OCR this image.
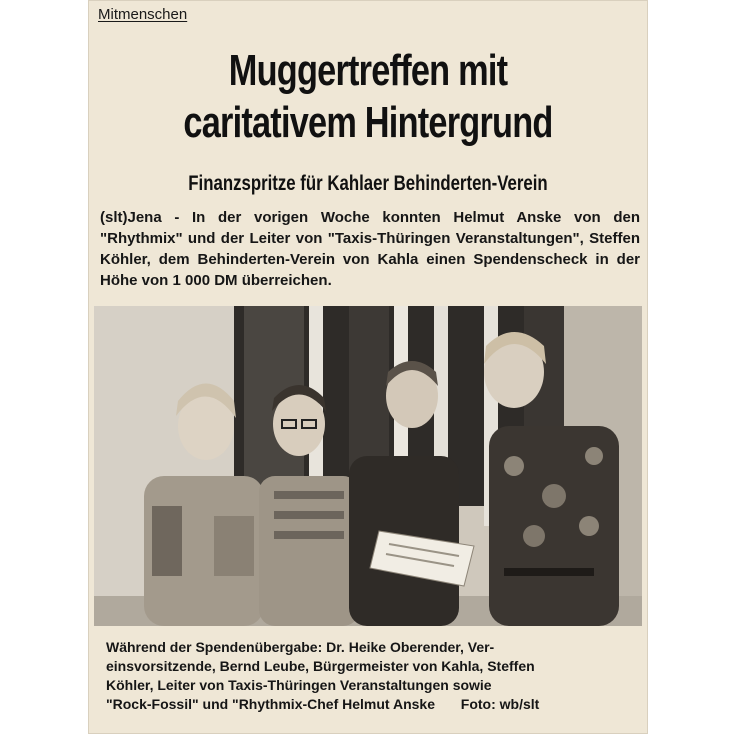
Mitmenschen
Muggertreffen mit
caritativem Hintergrund
Finanzspritze für Kahlaer Behinderten-Verein
(slt)Jena - In der vorigen Woche konnten Helmut Anske von den "Rhythmix" und der Leiter von "Taxis-Thüringen Veranstaltungen", Steffen Köhler, dem Behinderten-Verein von Kahla einen Spendenscheck in der Höhe von 1 000 DM überreichen.
Während der Spendenübergabe: Dr. Heike Oberender, Ver-
einsvorsitzende, Bernd Leube, Bürgermeister von Kahla, Steffen
Köhler, Leiter von Taxis-Thüringen Veranstaltungen sowie
"Rock-Fossil" und "Rhythmix-Chef Helmut Anske Foto: wb/slt
